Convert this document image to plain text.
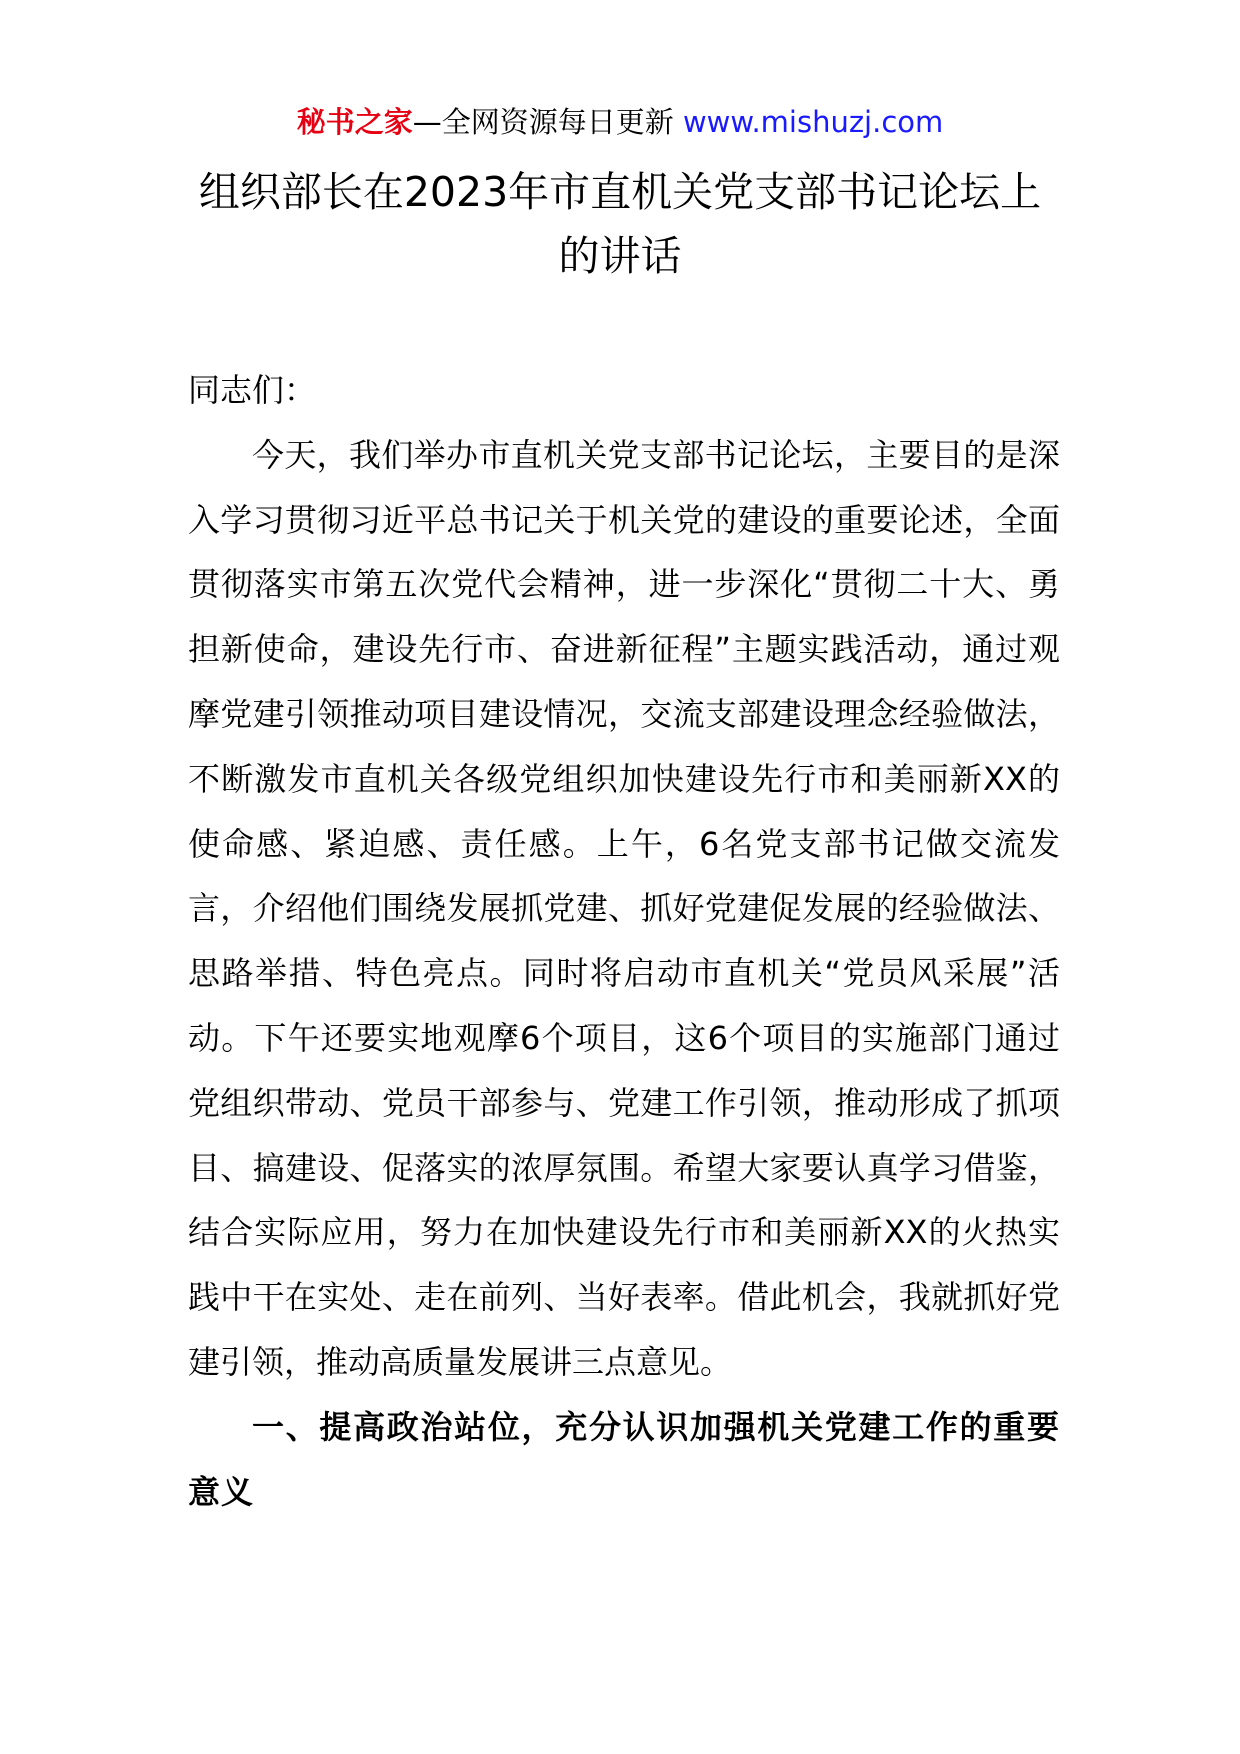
秘书之家—全网资源每日更新 www.mishuzj.com
组织部长在2023年市直机关党支部书记论坛上的讲话

同志们：

今天，我们举办市直机关党支部书记论坛，主要目的是深入学习贯彻习近平总书记关于机关党的建设的重要论述，全面贯彻落实市第五次党代会精神，进一步深化“贯彻二十大、勇担新使命，建设先行市、奋进新征程”主题实践活动，通过观摩党建引领推动项目建设情况，交流支部建设理念经验做法，不断激发市直机关各级党组织加快建设先行市和美丽新XX的使命感、紧迫感、责任感。上午，6名党支部书记做交流发言，介绍他们围绕发展抓党建、抓好党建促发展的经验做法、思路举措、特色亮点。同时将启动市直机关“党员风采展”活动。下午还要实地观摩6个项目，这6个项目的实施部门通过党组织带动、党员干部参与、党建工作引领，推动形成了抓项目、搞建设、促落实的浓厚氛围。希望大家要认真学习借鉴，结合实际应用，努力在加快建设先行市和美丽新XX的火热实践中干在实处、走在前列、当好表率。借此机会，我就抓好党建引领，推动高质量发展讲三点意见。

一、提高政治站位，充分认识加强机关党建工作的重要意义
